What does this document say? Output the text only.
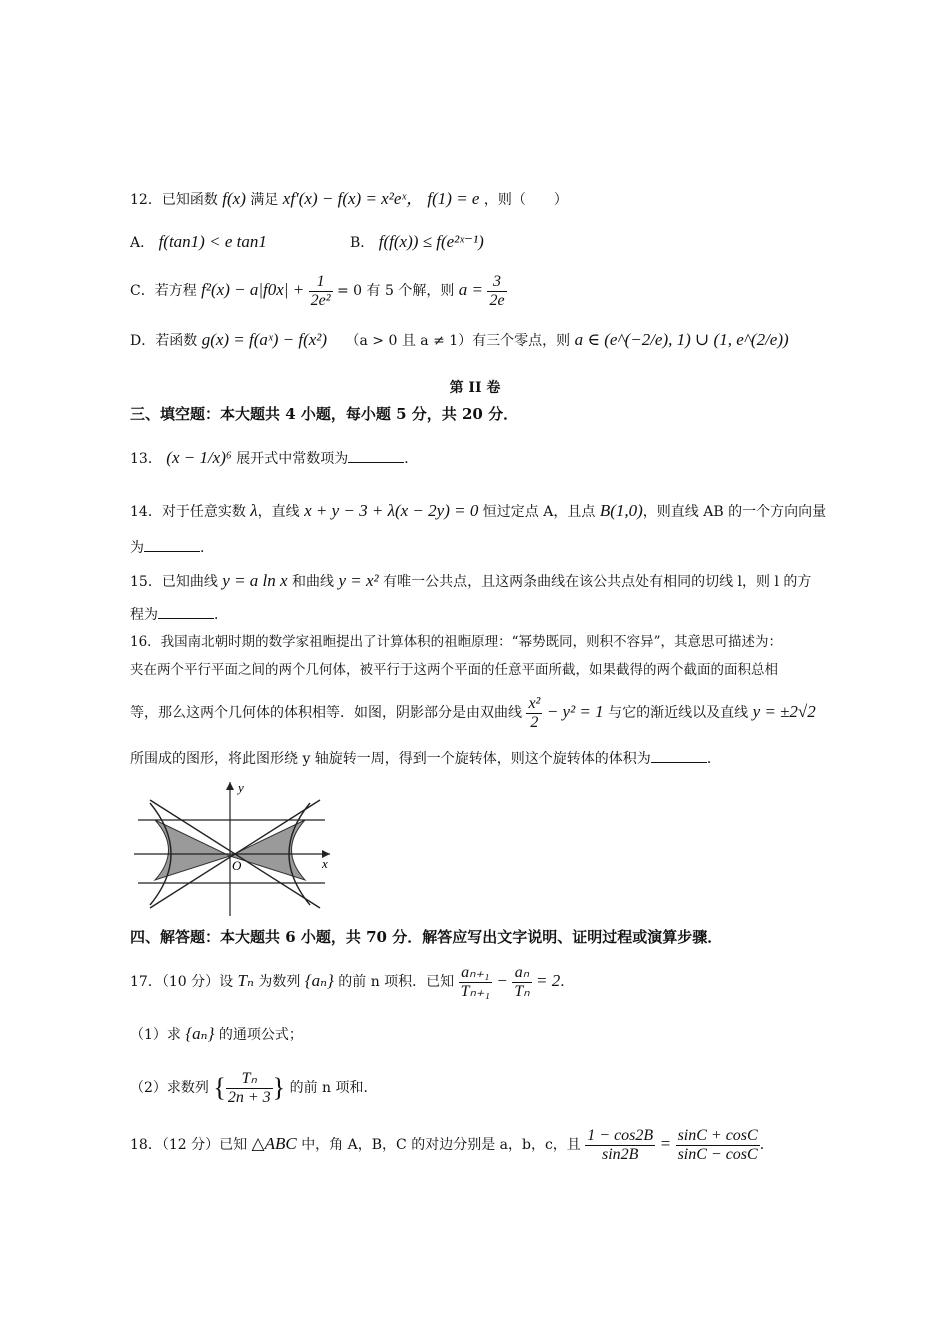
12．已知函数 f(x) 满足 xf′(x) − f(x) = x²eˣ， f(1) = e ，则（　　）
A． f(tan1) < e tan1	B． f(f(x)) ≤ f(e²ˣ⁻¹)
C．若方程 $f^2(x) - a|f0x| + \frac{1}{\text{2e²}} = 0$ 有 5 个解，则 $a = \frac{3}{2e}$
D．若函数 g(x) = f(aˣ) − f(x²) （a > 0 且 a ≠ 1）有三个零点，则 a ∈ (e^(−2/e), 1) ∪ (1, e^(2/e))
第 II 卷
三、填空题：本大题共 4 小题，每小题 5 分，共 20 分．
13． (x − 1/x)⁶ 展开式中常数项为	．
14．对于任意实数 λ，直线 x + y − 3 + λ(x − 2y) = 0 恒过定点 A，且点 B(1,0)，则直线 AB 的一个方向向量
为	．
15．已知曲线 y = a ln x 和曲线 y = x² 有唯一公共点，且这两条曲线在该公共点处有相同的切线 l，则 l 的方
程为	．
16．我国南北朝时期的数学家祖暅提出了计算体积的祖暅原理：“幂势既同，则积不容异”，其意思可描述为：
夹在两个平行平面之间的两个几何体，被平行于这两个平面的任意平面所截，如果截得的两个截面的面积总相
等，那么这两个几何体的体积相等．如图，阴影部分是由双曲线 $\frac{\text{x²}}{2} - y^2 = 1$ 与它的渐近线以及直线 y = ±2√2
所围成的图形，将此图形绕 y 轴旋转一周，得到一个旋转体，则这个旋转体的体积为	．
x
y
O
四、解答题：本大题共 6 小题，共 70 分．解答应写出文字说明、证明过程或演算步骤．
17．（10 分）设 Tₙ 为数列 {aₙ} 的前 n 项积．已知 $\frac{\text{aₙ₊₁}}{\text{Tₙ₊₁}} - \frac{\text{aₙ}}{\text{Tₙ}} = 2$．
（1）求 {aₙ} 的通项公式；
（2）求数列 { $\frac{\text{Tₙ}}{2n + 3}$ } 的前 n 项和．
18．（12 分）已知 △ABC 中，角 A，B，C 的对边分别是 a，b，c，且 $\frac{1 - \cos 2B}{\sin 2B} = \frac{\sin C + \cos C}{\sin C - \cos C}$ ．
